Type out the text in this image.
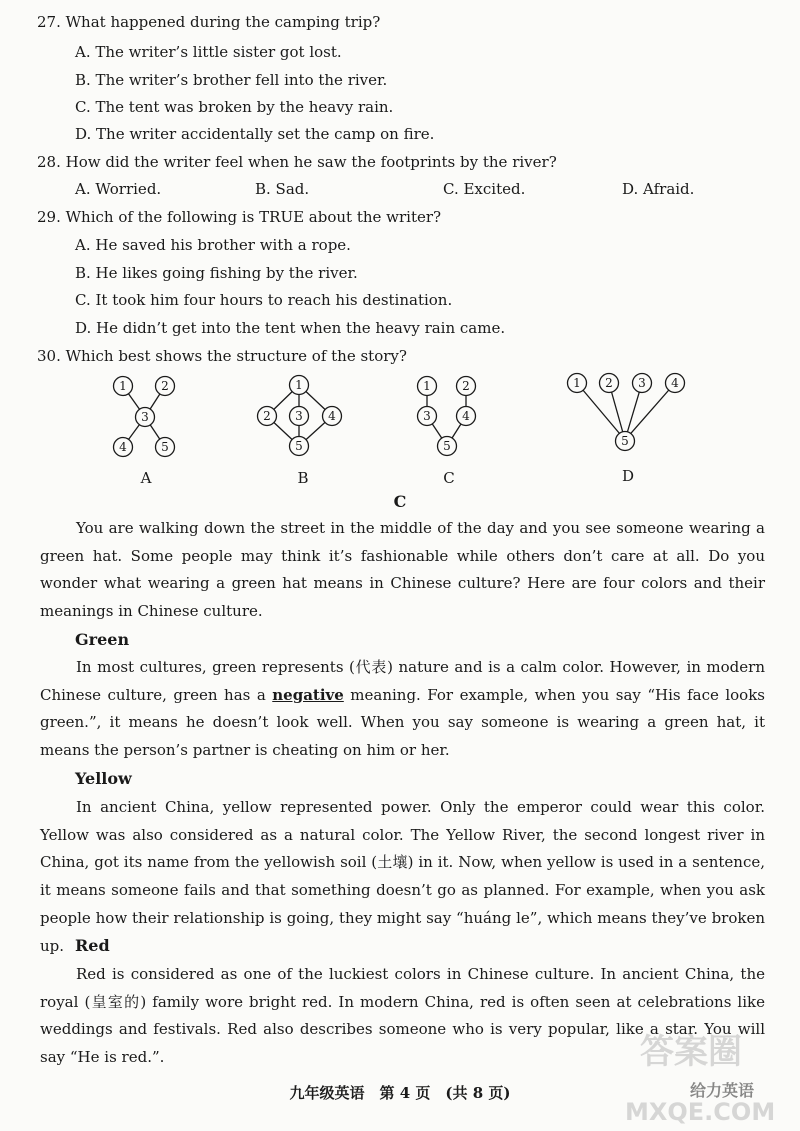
27. What happened during the camping trip?
A. The writer’s little sister got lost.
B. The writer’s brother fell into the river.
C. The tent was broken by the heavy rain.
D. The writer accidentally set the camp on fire.
28. How did the writer feel when he saw the footprints by the river?
A. Worried.	B. Sad.	C. Excited.	D. Afraid.
29. Which of the following is TRUE about the writer?
A. He saved his brother with a rope.
B. He likes going fishing by the river.
C. It took him four hours to reach his destination.
D. He didn’t get into the tent when the heavy rain came.
30. Which best shows the structure of the story?
1	2
3
4	5
1
2 3 4
5
1	2
3	4
5
1 2 3 4
5
A	B	C	D
C
You are walking down the street in the middle of the day and you see someone wearing a green hat. Some people may think it’s fashionable while others don’t care at all. Do you wonder what wearing a green hat means in Chinese culture? Here are four colors and their meanings in Chinese culture.
Green
In most cultures, green represents (代表) nature and is a calm color. However, in modern Chinese culture, green has a negative meaning. For example, when you say “His face looks green.”, it means he doesn’t look well. When you say someone is wearing a green hat, it means the person’s partner is cheating on him or her.
Yellow
In ancient China, yellow represented power. Only the emperor could wear this color. Yellow was also considered as a natural color. The Yellow River, the second longest river in China, got its name from the yellowish soil (土壤) in it. Now, when yellow is used in a sentence, it means someone fails and that something doesn’t go as planned. For example, when you ask people how their relationship is going, they might say “huáng le”, which means they’ve broken up. Red
Red is considered as one of the luckiest colors in Chinese culture. In ancient China, the royal (皇室的) family wore bright red. In modern China, red is often seen at celebrations like weddings and festivals. Red also describes someone who is very popular, like a star. You will say “He is red.”.
九年级英语　第 4 页　(共 8 页)
答案圈
给力英语
MXQE.COM
